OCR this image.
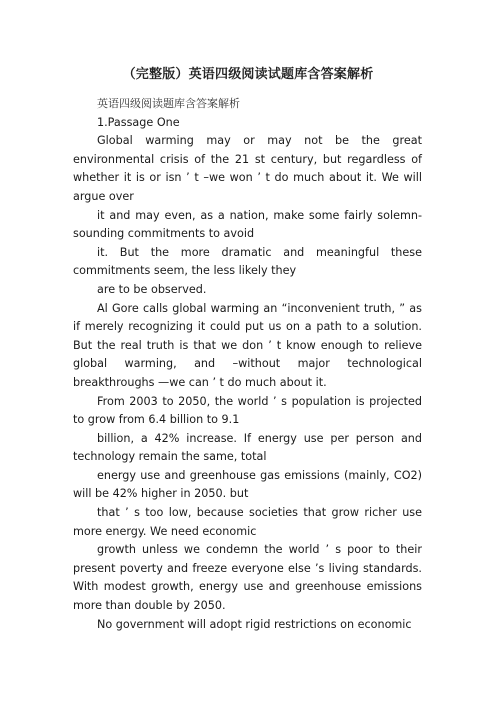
（完整版）英语四级阅读试题库含答案解析

英语四级阅读题库含答案解析

1.Passage One

Global warming may or may not be the great environmental crisis of the 21 st century, but regardless of whether it is or isn ’ t –we won ’ t do much about it. We will argue over

it and may even, as a nation, make some fairly solemn-sounding commitments to avoid

it. But the more dramatic and meaningful these commitments seem, the less likely they

are to be observed.

Al Gore calls global warming an “inconvenient truth, ” as if merely recognizing it could put us on a path to a solution. But the real truth is that we don ’ t know enough to relieve global warming, and –without major technological breakthroughs —we can ’ t do much about it.

From 2003 to 2050, the world ’ s population is projected to grow from 6.4 billion to 9.1

billion, a 42% increase. If energy use per person and technology remain the same, total

energy use and greenhouse gas emissions (mainly, CO2) will be 42% higher in 2050. but

that ’ s too low, because societies that grow richer use more energy. We need economic

growth unless we condemn the world ’ s poor to their present poverty and freeze everyone else ’s living standards. With modest growth, energy use and greenhouse emissions more than double by 2050.

No government will adopt rigid restrictions on economic
